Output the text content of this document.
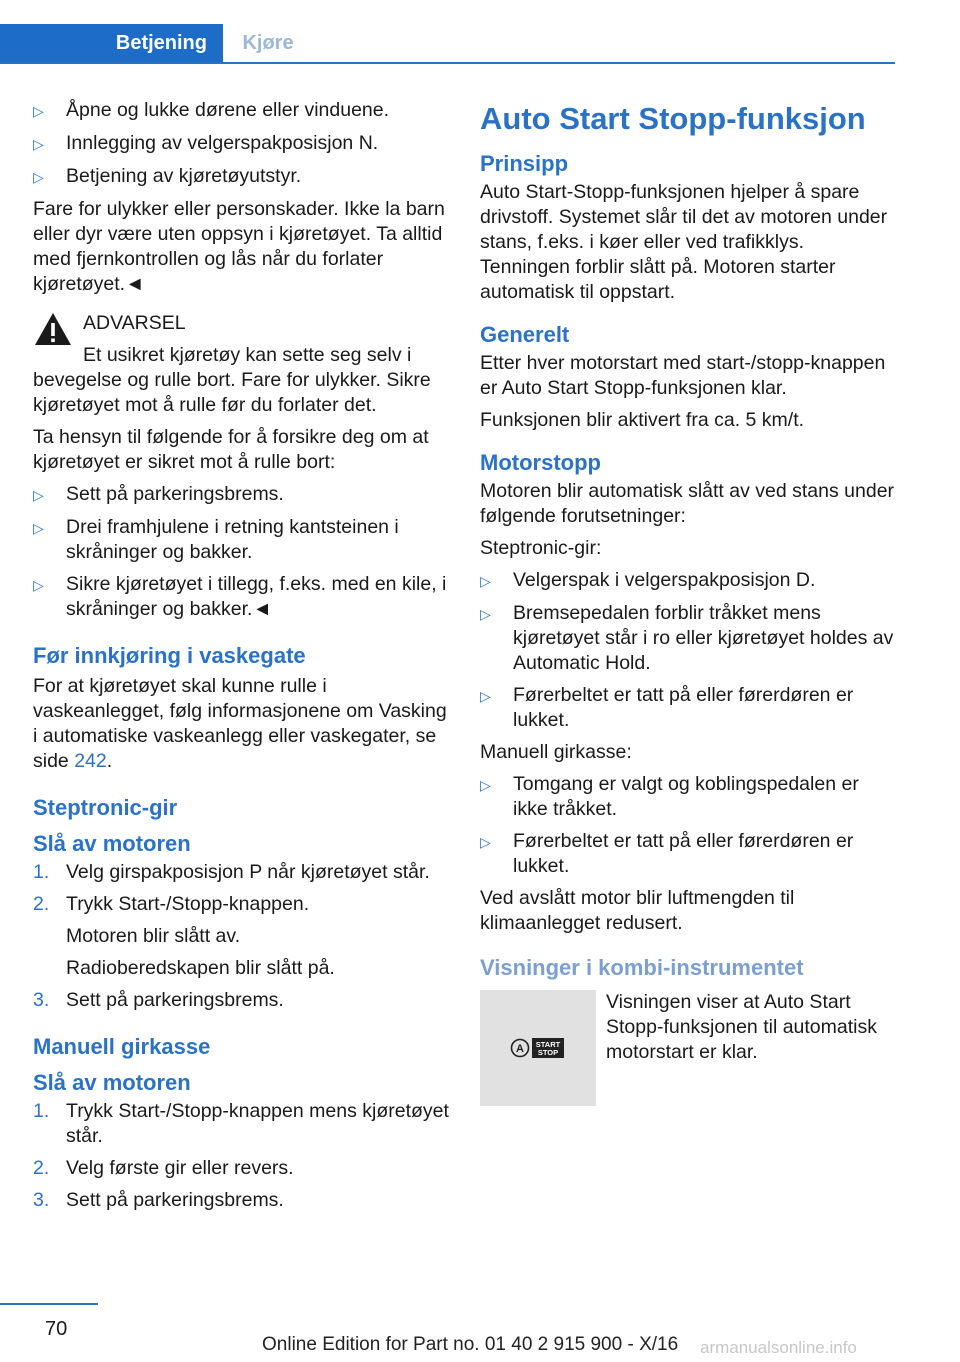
Betjening	Kjøre
▷	Åpne og lukke dørene eller vinduene.
▷	Innlegging av velgerspakposisjon N.
▷	Betjening av kjøretøyutstyr.

Fare for ulykker eller personskader. Ikke la barn eller dyr være uten oppsyn i kjøretøyet. Ta alltid med fjernkontrollen og lås når du forlater kjøretøyet.◄

ADVARSEL
Et usikret kjøretøy kan sette seg selv i
bevegelse og rulle bort. Fare for ulykker. Sikre kjøretøyet mot å rulle før du forlater det.

Ta hensyn til følgende for å forsikre deg om at kjøretøyet er sikret mot å rulle bort:

▷	Sett på parkeringsbrems.
▷	Drei framhjulene i retning kantsteinen i skråninger og bakker.
▷	Sikre kjøretøyet i tillegg, f.eks. med en kile, i skråninger og bakker.◄
Før innkjøring i vaskegate

For at kjøretøyet skal kunne rulle i vaskeanlegget, følg informasjonene om Vasking i automatiske vaskeanlegg eller vaskegater, se side 242.

Steptronic-gir
Slå av motoren
1. Velg girspakposisjon P når kjøretøyet står.
2. Trykk Start-/Stopp-knappen.
Motoren blir slått av.
Radioberedskapen blir slått på.
3. Sett på parkeringsbrems.
Manuell girkasse
Slå av motoren
1. Trykk Start-/Stopp-knappen mens kjøretøyet står.
2. Velg første gir eller revers.
3. Sett på parkeringsbrems.
Auto Start Stopp-funksjon
Prinsipp

Auto Start-Stopp-funksjonen hjelper å spare drivstoff. Systemet slår til det av motoren under stans, f.eks. i køer eller ved trafikklys. Tenningen forblir slått på. Motoren starter automatisk til oppstart.

Generelt

Etter hver motorstart med start-/stopp-knappen er Auto Start Stopp-funksjonen klar.

Funksjonen blir aktivert fra ca. 5 km/t.

Motorstopp

Motoren blir automatisk slått av ved stans under følgende forutsetninger:

Steptronic-gir:

▷	Velgerspak i velgerspakposisjon D.
▷	Bremsepedalen forblir tråkket mens kjøretøyet står i ro eller kjøretøyet holdes av Automatic Hold.
▷	Førerbeltet er tatt på eller førerdøren er lukket.

Manuell girkasse:

▷	Tomgang er valgt og koblingspedalen er ikke tråkket.
▷	Førerbeltet er tatt på eller førerdøren er lukket.

Ved avslått motor blir luftmengden til klimaanlegget redusert.

Visninger i kombi-instrumentet
A START
STOP
Visningen viser at Auto Start Stopp-funksjonen til automatisk motorstart er klar.
70
Online Edition for Part no. 01 40 2 915 900 - X/16 armanualsonline.info
